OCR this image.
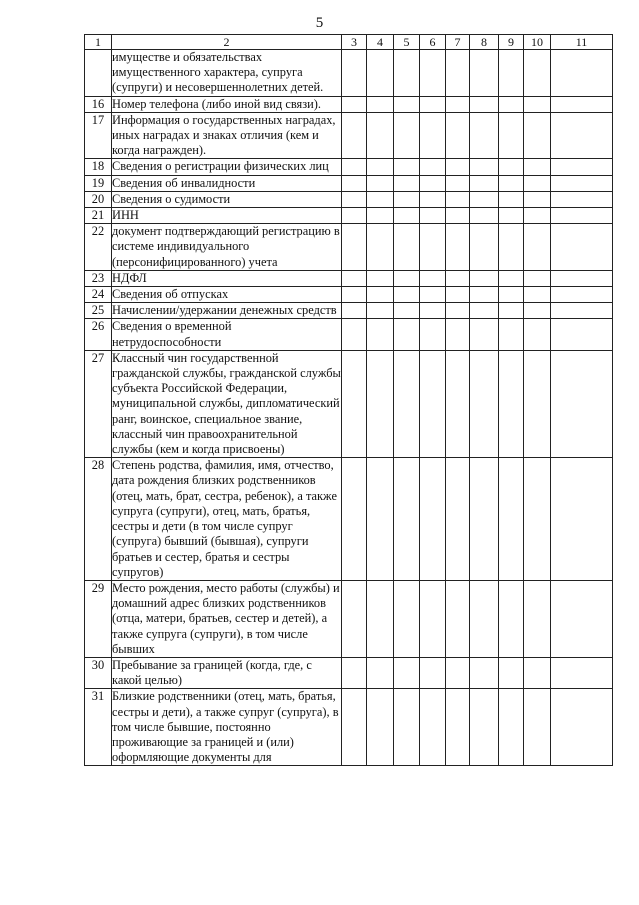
5
1	2	3	4	5	6	7	8	9	10	11
	имуществе и обязательствах имущественного характера, супруга (супруги) и несовершеннолетних детей.									
16	Номер телефона (либо иной вид связи).									
17	Информация о государственных наградах, иных наградах и знаках отличия (кем и когда награжден).									
18	Сведения о регистрации физических лиц									
19	Сведения об инвалидности									
20	Сведения о судимости									
21	ИНН									
22	документ подтверждающий регистрацию в системе индивидуального (персонифицированного) учета									
23	НДФЛ									
24	Сведения об отпусках									
25	Начислении/удержании денежных средств									
26	Сведения о временной нетрудоспособности									
27	Классный чин государственной гражданской службы, гражданской службы субъекта Российской Федерации, муниципальной службы, дипломатический ранг, воинское, специальное звание, классный чин правоохранительной службы (кем и когда присвоены)									
28	Степень родства, фамилия, имя, отчество, дата рождения близких родственников (отец, мать, брат, сестра, ребенок), а также супруга (супруги), отец, мать, братья, сестры и дети (в том числе супруг (супруга) бывший (бывшая), супруги братьев и сестер, братья и сестры супругов)									
29	Место рождения, место работы (службы) и домашний адрес близких родственников (отца, матери, братьев, сестер и детей), а также супруга (супруги), в том числе бывших									
30	Пребывание за границей (когда, где, с какой целью)									
31	Близкие родственники (отец, мать, братья, сестры и дети), а также супруг (супруга), в том числе бывшие, постоянно проживающие за границей и (или) оформляющие документы для									
